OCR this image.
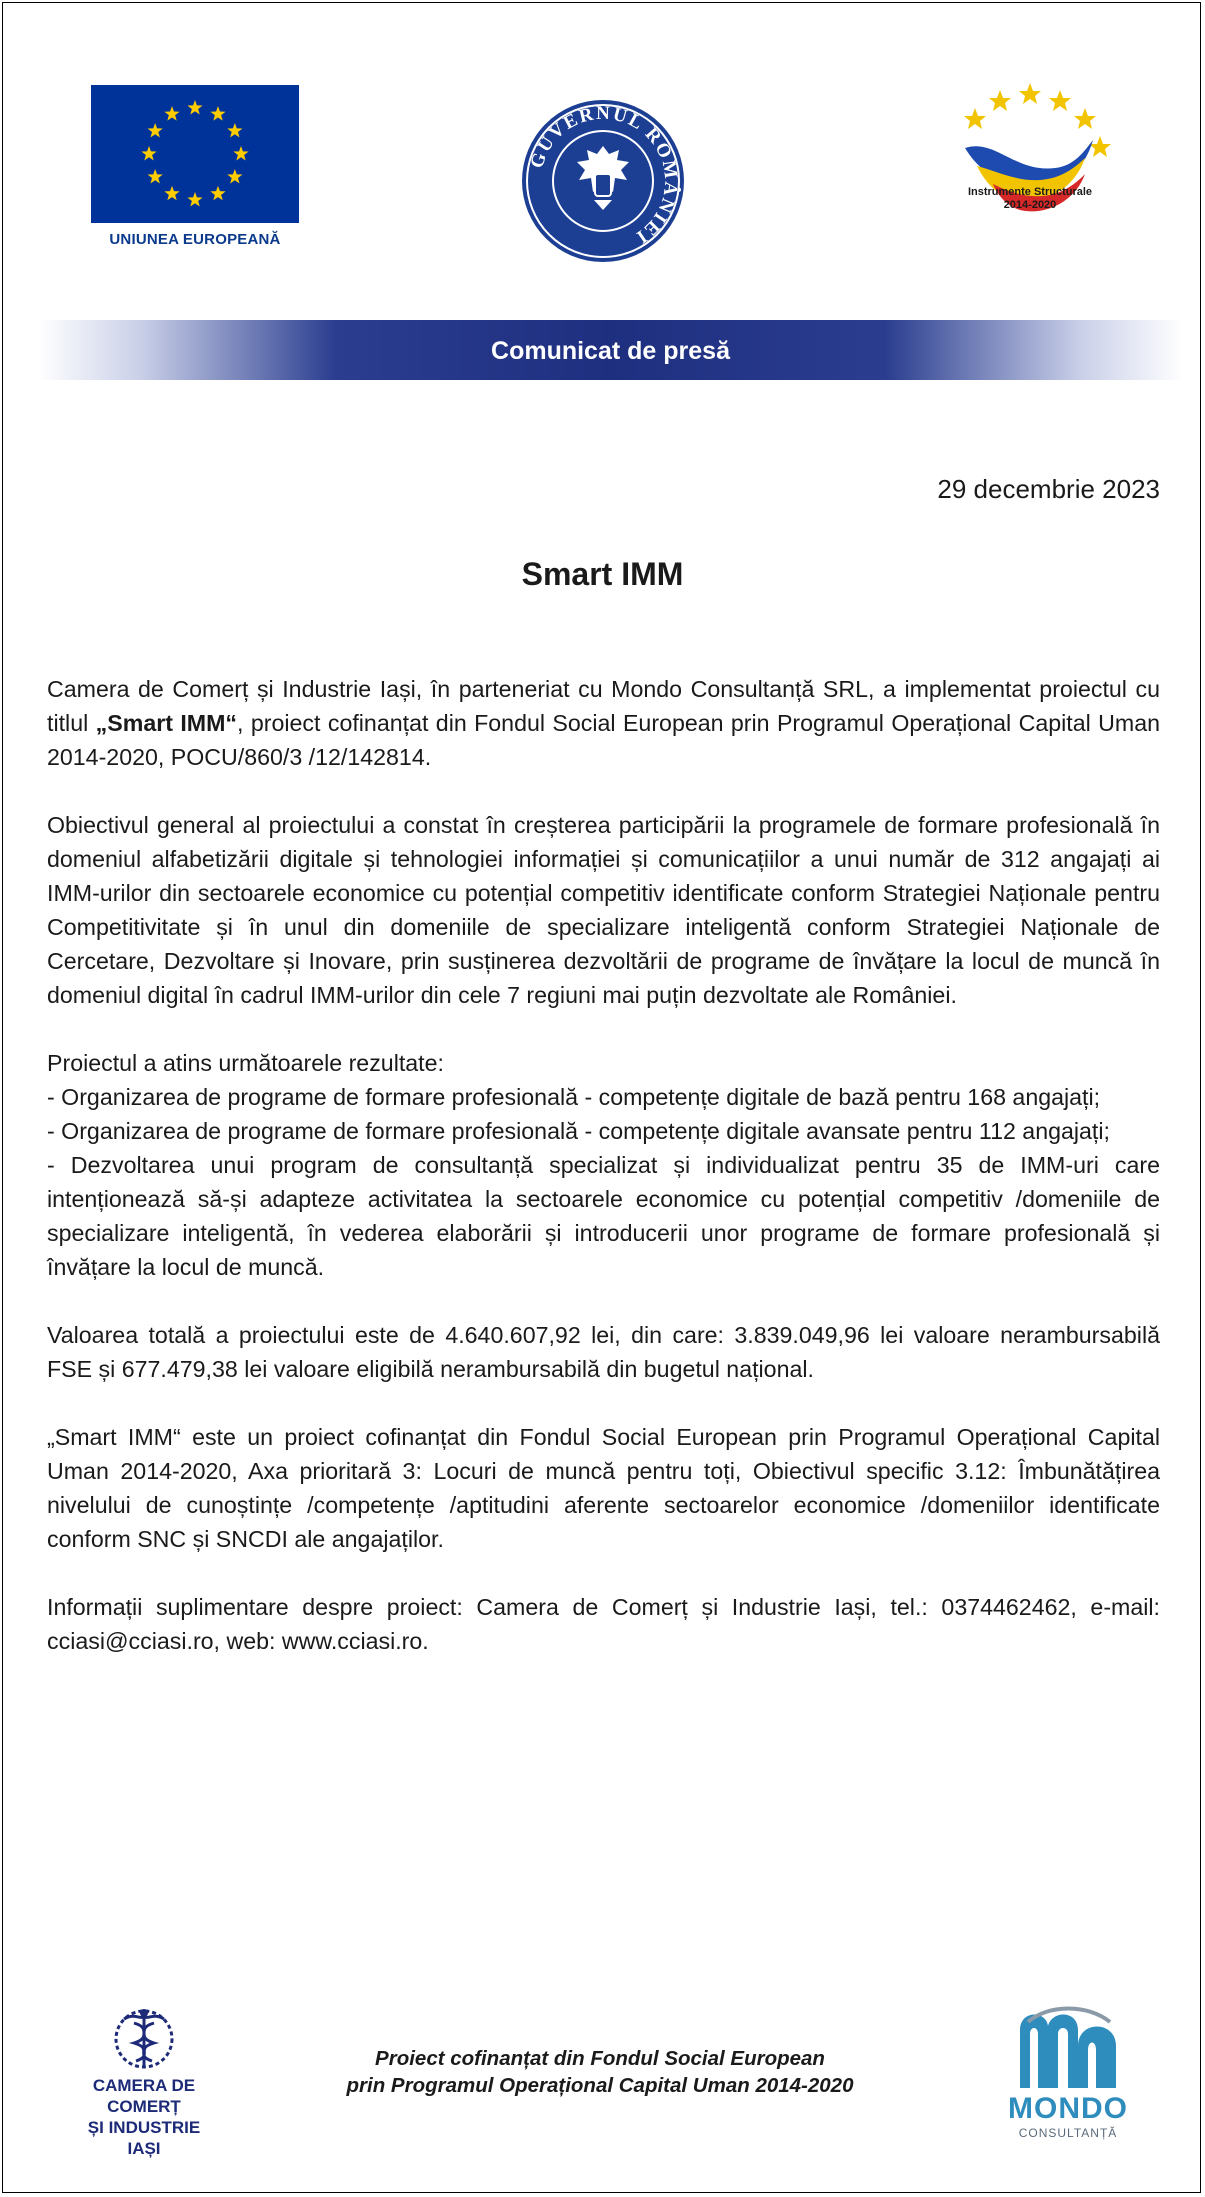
UNIUNEA EUROPEANĂ
GUVERNUL ROMÂNIEI
Instrumente Structurale
2014-2020
Comunicat de presă
29 decembrie 2023
Smart IMM

Camera de Comerț și Industrie Iași, în parteneriat cu Mondo Consultanță SRL, a implementat proiectul cu titlul „Smart IMM“, proiect cofinanțat din Fondul Social European prin Programul Operațional Capital Uman 2014-2020, POCU/860/3 /12/142814.

Obiectivul general al proiectului a constat în creșterea participării la programele de formare profesională în domeniul alfabetizării digitale și tehnologiei informației și comunicațiilor a unui număr de 312 angajați ai IMM-urilor din sectoarele economice cu potențial competitiv identificate conform Strategiei Naționale pentru Competitivitate și în unul din domeniile de specializare inteligentă conform Strategiei Naționale de Cercetare, Dezvoltare și Inovare, prin susținerea dezvoltării de programe de învățare la locul de muncă în domeniul digital în cadrul IMM-urilor din cele 7 regiuni mai puțin dezvoltate ale României.

Proiectul a atins următoarele rezultate:

- Organizarea de programe de formare profesională - competențe digitale de bază pentru 168 angajați;

- Organizarea de programe de formare profesională - competențe digitale avansate pentru 112 angajați;

- Dezvoltarea unui program de consultanță specializat și individualizat pentru 35 de IMM-uri care intenționează să-și adapteze activitatea la sectoarele economice cu potențial competitiv /domeniile de specializare inteligentă, în vederea elaborării și introducerii unor programe de formare profesională și învățare la locul de muncă.

Valoarea totală a proiectului este de 4.640.607,92 lei, din care: 3.839.049,96 lei valoare nerambursabilă FSE și 677.479,38 lei valoare eligibilă nerambursabilă din bugetul național.

„Smart IMM“ este un proiect cofinanțat din Fondul Social European prin Programul Operațional Capital Uman 2014-2020, Axa prioritară 3: Locuri de muncă pentru toți, Obiectivul specific 3.12: Îmbunătățirea nivelului de cunoștințe /competențe /aptitudini aferente sectoarelor economice /domeniilor identificate conform SNC și SNCDI ale angajaților.

Informații suplimentare despre proiect: Camera de Comerț și Industrie Iași, tel.: 0374462462, e-mail: cciasi@cciasi.ro, web: www.cciasi.ro.

CAMERA DE COMERȚ
ȘI INDUSTRIE
IAȘI
Proiect cofinanțat din Fondul Social European
prin Programul Operațional Capital Uman 2014-2020
MONDO
CONSULTANȚĂ
